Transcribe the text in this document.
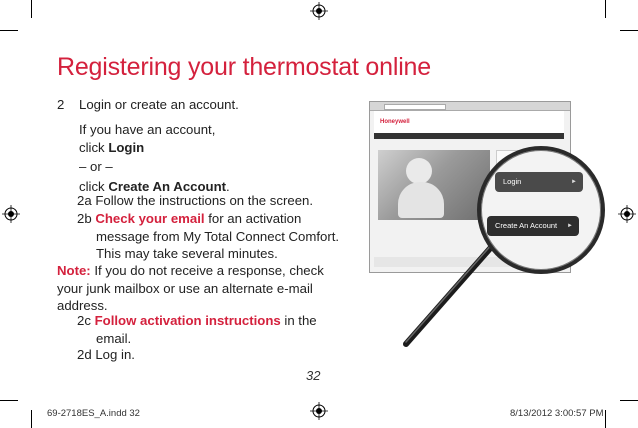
Registering your thermostat online

2 Login or create an account.

If you have an account,

click Login

– or –

click Create An Account.

2a Follow the instructions on the screen.

2b Check your email for an activation

message from My Total Connect Comfort.

This may take several minutes.

Note: If you do not receive a response, check

your junk mailbox or use an alternate e-mail

address.

2c Follow activation instructions in the

email.

2d Log in.

32
69-2718ES_A.indd 32	8/13/2012 3:00:57 PM
Honeywell
Login	►
Create An Account ►
